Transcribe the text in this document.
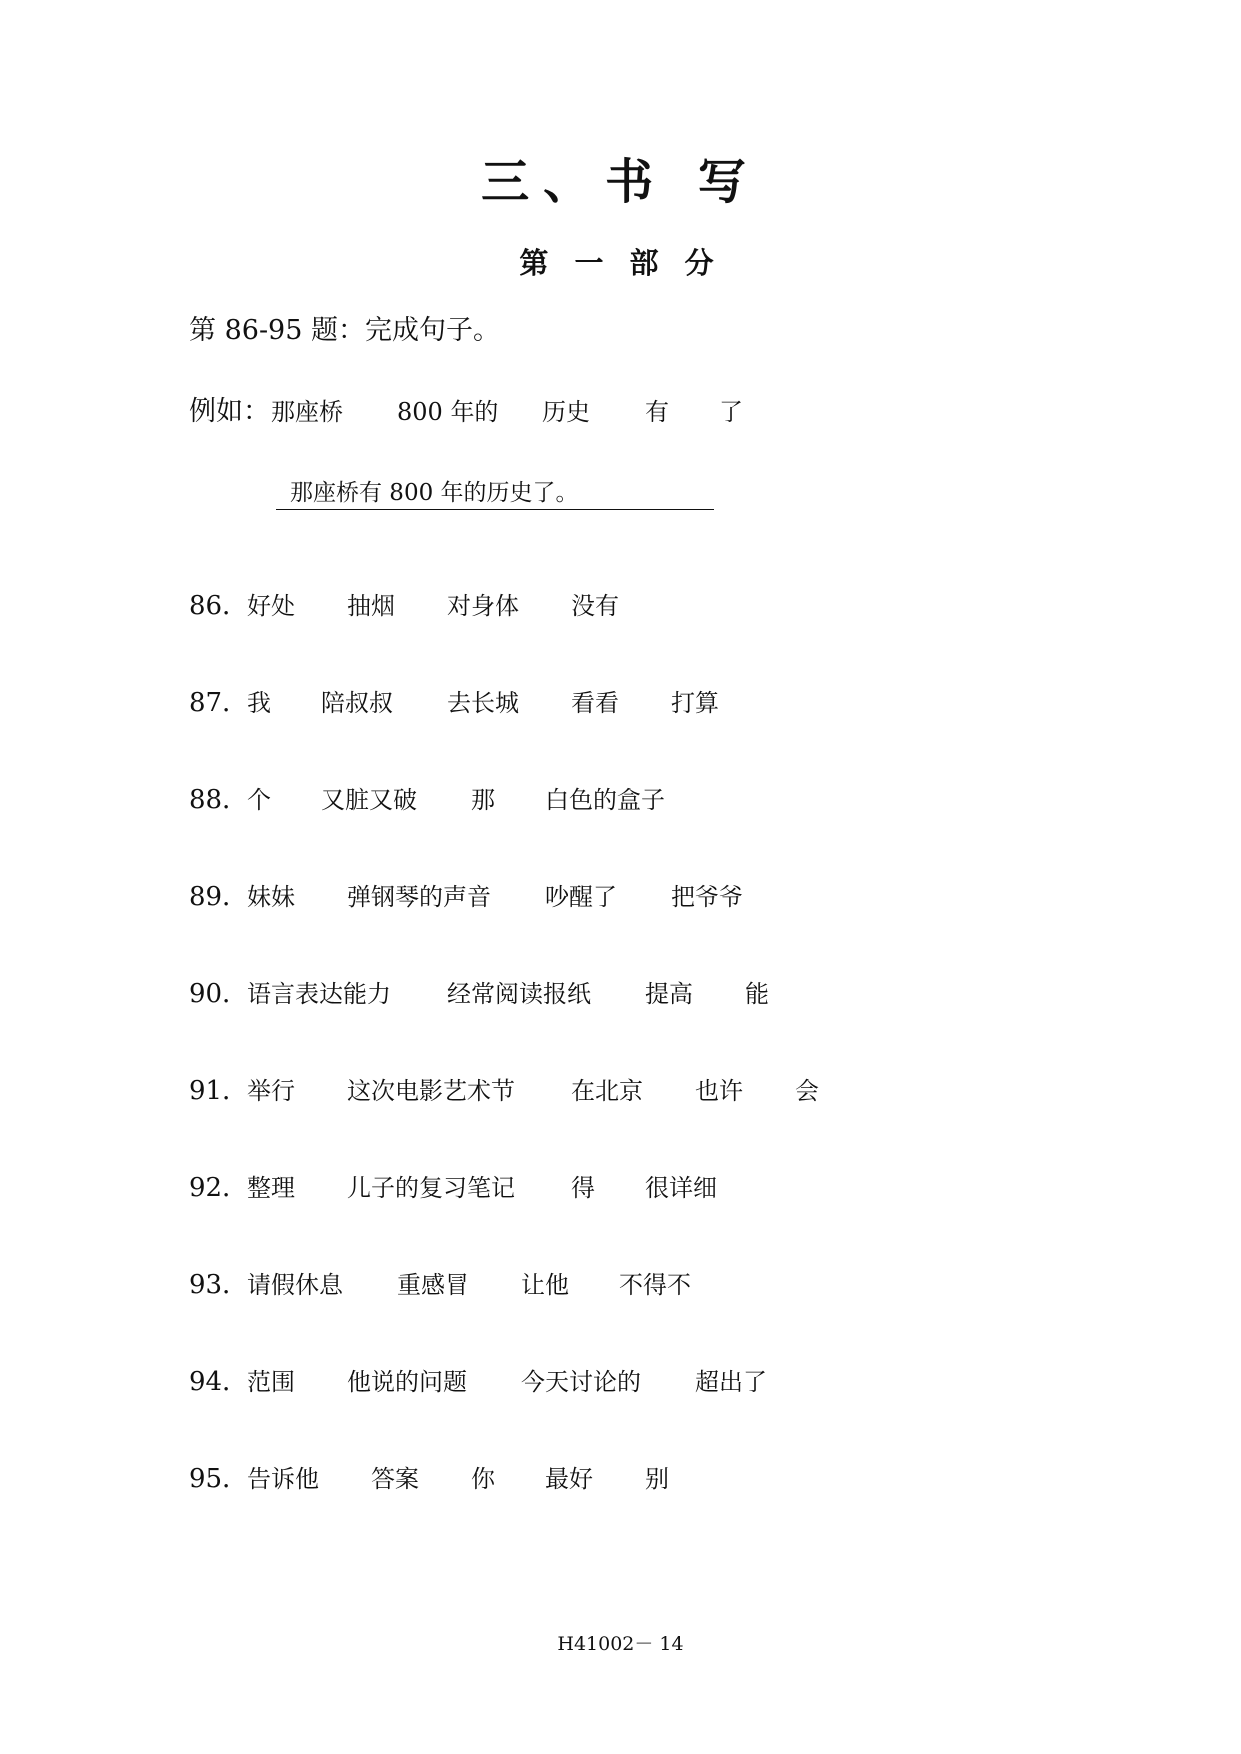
三、书 写
第 一 部 分
第 86-95 题：完成句子。
例如： 那座桥 800 年的 历史 有 了
那座桥有 800 年的历史了。
86．
好处 抽烟 对身体 没有
87．
我 陪叔叔 去长城 看看 打算
88．
个 又脏又破 那 白色的盒子
89．
妹妹 弹钢琴的声音 吵醒了 把爷爷
90．
语言表达能力 经常阅读报纸 提高 能
91．
举行 这次电影艺术节 在北京 也许 会
92．
整理 儿子的复习笔记 得 很详细
93．
请假休息 重感冒 让他 不得不
94．
范围 他说的问题 今天讨论的 超出了
95．
告诉他 答案 你 最好 别
H41002－ 14
